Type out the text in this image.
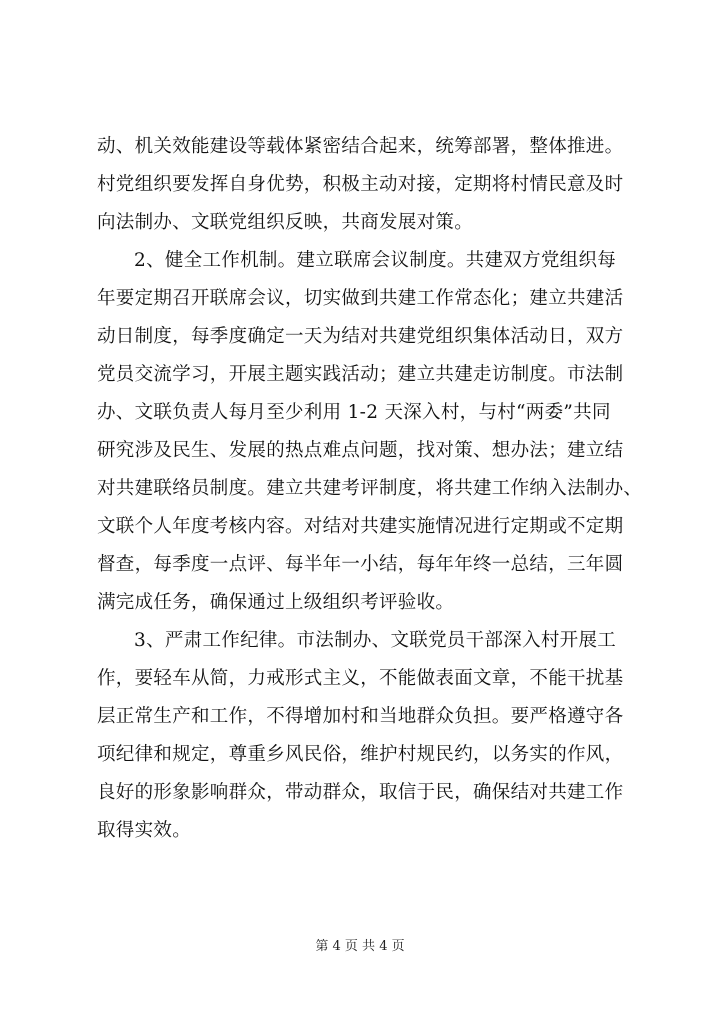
动、机关效能建设等载体紧密结合起来，统筹部署，整体推进。
村党组织要发挥自身优势，积极主动对接，定期将村情民意及时
向法制办、文联党组织反映，共商发展对策。
2、健全工作机制。建立联席会议制度。共建双方党组织每
年要定期召开联席会议，切实做到共建工作常态化；建立共建活
动日制度，每季度确定一天为结对共建党组织集体活动日，双方
党员交流学习，开展主题实践活动；建立共建走访制度。市法制
办、文联负责人每月至少利用 1-2 天深入村，与村“两委”共同
研究涉及民生、发展的热点难点问题，找对策、想办法；建立结
对共建联络员制度。建立共建考评制度，将共建工作纳入法制办、
文联个人年度考核内容。对结对共建实施情况进行定期或不定期
督查，每季度一点评、每半年一小结，每年年终一总结，三年圆
满完成任务，确保通过上级组织考评验收。
3、严肃工作纪律。市法制办、文联党员干部深入村开展工
作，要轻车从简，力戒形式主义，不能做表面文章，不能干扰基
层正常生产和工作，不得增加村和当地群众负担。要严格遵守各
项纪律和规定，尊重乡风民俗，维护村规民约，以务实的作风，
良好的形象影响群众，带动群众，取信于民，确保结对共建工作
取得实效。
第 4 页 共 4 页
